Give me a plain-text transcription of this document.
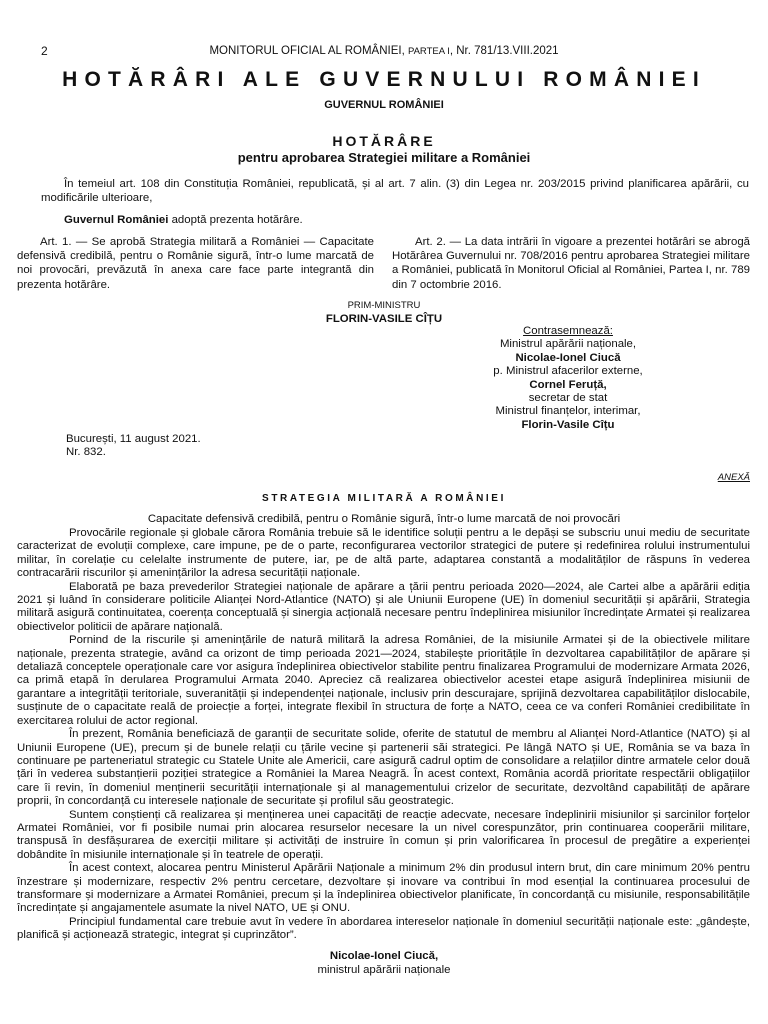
2	MONITORUL OFICIAL AL ROMÂNIEI, PARTEA I, Nr. 781/13.VIII.2021
HOTĂRÂRI ALE GUVERNULUI ROMÂNIEI
GUVERNUL ROMÂNIEI
HOTĂRÂRE
pentru aprobarea Strategiei militare a României

În temeiul art. 108 din Constituția României, republicată, și al art. 7 alin. (3) din Legea nr. 203/2015 privind planificarea apărării, cu modificările ulterioare,

Guvernul României adoptă prezenta hotărâre.

Art. 1. — Se aprobă Strategia militară a României — Capacitate defensivă credibilă, pentru o Românie sigură, într-o lume marcată de noi provocări, prevăzută în anexa care face parte integrantă din prezenta hotărâre.

Art. 2. — La data intrării în vigoare a prezentei hotărâri se abrogă Hotărârea Guvernului nr. 708/2016 pentru aprobarea Strategiei militare a României, publicată în Monitorul Oficial al României, Partea I, nr. 789 din 7 octombrie 2016.

PRIM-MINISTRU
FLORIN-VASILE CÎȚU
Contrasemnează:
Ministrul apărării naționale,
Nicolae-Ionel Ciucă
p. Ministrul afacerilor externe,
Cornel Feruță,
secretar de stat
Ministrul finanțelor, interimar,
Florin-Vasile Cîțu
București, 11 august 2021.
Nr. 832.
ANEXĂ
STRATEGIA MILITARĂ A ROMÂNIEI
Capacitate defensivă credibilă, pentru o Românie sigură, într-o lume marcată de noi provocări

Provocările regionale și globale cărora România trebuie să le identifice soluții pentru a le depăși se subscriu unui mediu de securitate caracterizat de evoluții complexe, care impune, pe de o parte, reconfigurarea vectorilor strategici de putere și redefinirea rolului instrumentului militar, în corelație cu celelalte instrumente de putere, iar, pe de altă parte, adaptarea constantă a modalităților de răspuns în vederea contracarării riscurilor și amenințărilor la adresa securității naționale.

Elaborată pe baza prevederilor Strategiei naționale de apărare a țării pentru perioada 2020—2024, ale Cartei albe a apărării ediția 2021 și luând în considerare politicile Alianței Nord-Atlantice (NATO) și ale Uniunii Europene (UE) în domeniul securității și apărării, Strategia militară asigură continuitatea, coerența conceptuală și sinergia acțională necesare pentru îndeplinirea misiunilor încredințate Armatei și realizarea obiectivelor politicii de apărare națională.

Pornind de la riscurile și amenințările de natură militară la adresa României, de la misiunile Armatei și de la obiectivele militare naționale, prezenta strategie, având ca orizont de timp perioada 2021—2024, stabilește prioritățile în dezvoltarea capabilităților de apărare și detaliază conceptele operaționale care vor asigura îndeplinirea obiectivelor stabilite pentru finalizarea Programului de modernizare Armata 2026, ca primă etapă în derularea Programului Armata 2040. Apreciez că realizarea obiectivelor acestei etape asigură îndeplinirea misiunii de garantare a integrității teritoriale, suveranității și independenței naționale, inclusiv prin descurajare, sprijină dezvoltarea capabilităților dislocabile, susținute de o capacitate reală de proiecție a forței, integrate flexibil în structura de forțe a NATO, ceea ce va conferi României credibilitate în exercitarea rolului de actor regional.

În prezent, România beneficiază de garanții de securitate solide, oferite de statutul de membru al Alianței Nord-Atlantice (NATO) și al Uniunii Europene (UE), precum și de bunele relații cu țările vecine și partenerii săi strategici. Pe lângă NATO și UE, România se va baza în continuare pe parteneriatul strategic cu Statele Unite ale Americii, care asigură cadrul optim de consolidare a relațiilor dintre armatele celor două țări în vederea substanțierii poziției strategice a României la Marea Neagră. În acest context, România acordă prioritate respectării obligațiilor care îi revin, în domeniul menținerii securității internaționale și al managementului crizelor de securitate, dezvoltând capabilități de apărare proprii, în concordanță cu interesele naționale de securitate și profilul său geostrategic.

Suntem conștienți că realizarea și menținerea unei capacități de reacție adecvate, necesare îndeplinirii misiunilor și sarcinilor forțelor Armatei României, vor fi posibile numai prin alocarea resurselor necesare la un nivel corespunzător, prin continuarea cooperării militare, transpusă în desfășurarea de exerciții militare și activități de instruire în comun și prin valorificarea în procesul de pregătire a experienței dobândite în misiunile internaționale și în teatrele de operații.

În acest context, alocarea pentru Ministerul Apărării Naționale a minimum 2% din produsul intern brut, din care minimum 20% pentru înzestrare și modernizare, respectiv 2% pentru cercetare, dezvoltare și inovare va contribui în mod esențial la continuarea procesului de transformare și modernizare a Armatei României, precum și la îndeplinirea obiectivelor planificate, în concordanță cu misiunile, responsabilitățile încredințate și angajamentele asumate la nivel NATO, UE și ONU.

Principiul fundamental care trebuie avut în vedere în abordarea intereselor naționale în domeniul securității naționale este: „gândește, planifică și acționează strategic, integrat și cuprinzător”.

Nicolae-Ionel Ciucă,
ministrul apărării naționale
